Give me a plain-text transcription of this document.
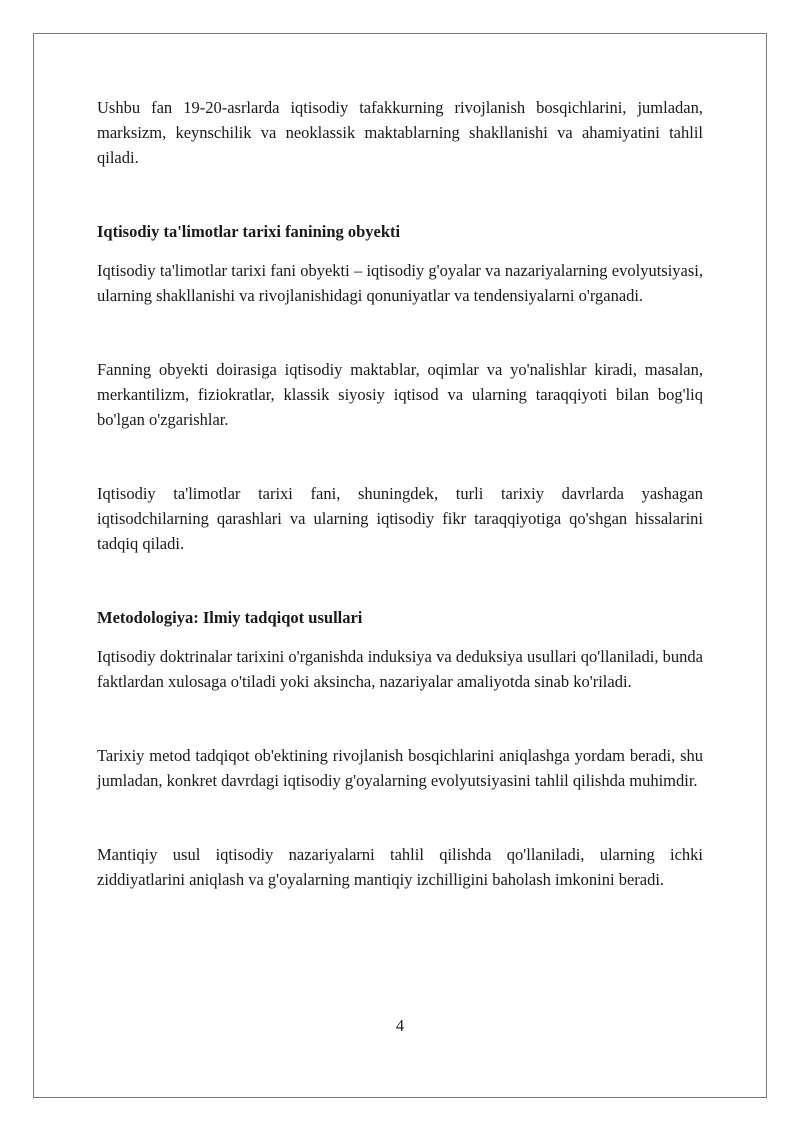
Ushbu fan 19-20-asrlarda iqtisodiy tafakkurning rivojlanish bosqichlarini, jumladan, marksizm, keynschilik va neoklassik maktablarning shakllanishi va ahamiyatini tahlil qiladi.

Iqtisodiy ta'limotlar tarixi fanining obyekti

Iqtisodiy ta'limotlar tarixi fani obyekti – iqtisodiy g'oyalar va nazariyalarning evolyutsiyasi, ularning shakllanishi va rivojlanishidagi qonuniyatlar va tendensiyalarni o'rganadi.

Fanning obyekti doirasiga iqtisodiy maktablar, oqimlar va yo'nalishlar kiradi, masalan, merkantilizm, fiziokratlar, klassik siyosiy iqtisod va ularning taraqqiyoti bilan bog'liq bo'lgan o'zgarishlar.

Iqtisodiy ta'limotlar tarixi fani, shuningdek, turli tarixiy davrlarda yashagan iqtisodchilarning qarashlari va ularning iqtisodiy fikr taraqqiyotiga qo'shgan hissalarini tadqiq qiladi.

Metodologiya: Ilmiy tadqiqot usullari

Iqtisodiy doktrinalar tarixini o'rganishda induksiya va deduksiya usullari qo'llaniladi, bunda faktlardan xulosaga o'tiladi yoki aksincha, nazariyalar amaliyotda sinab ko'riladi.

Tarixiy metod tadqiqot ob'ektining rivojlanish bosqichlarini aniqlashga yordam beradi, shu jumladan, konkret davrdagi iqtisodiy g'oyalarning evolyutsiyasini tahlil qilishda muhimdir.

Mantiqiy usul iqtisodiy nazariyalarni tahlil qilishda qo'llaniladi, ularning ichki ziddiyatlarini aniqlash va g'oyalarning mantiqiy izchilligini baholash imkonini beradi.

4
